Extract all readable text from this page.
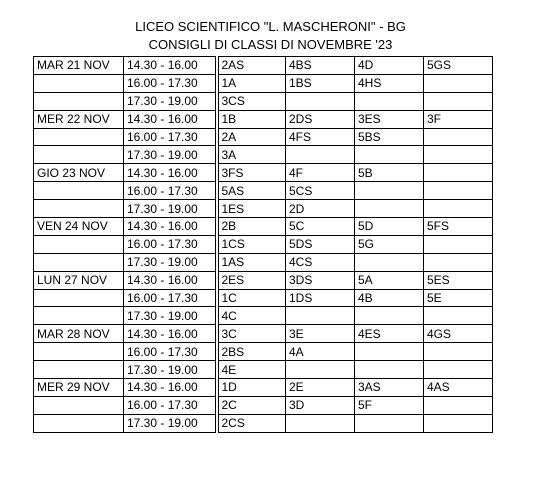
LICEO SCIENTIFICO "L. MASCHERONI" - BG
CONSIGLI DI CLASSI DI NOVEMBRE '23
MAR 21 NOV	14.30 - 16.00	2AS	4BS	4D	5GS
	16.00 - 17.30	1A	1BS	4HS	
	17.30 - 19.00	3CS			
MER 22 NOV	14.30 - 16.00	1B	2DS	3ES	3F
	16.00 - 17.30	2A	4FS	5BS	
	17.30 - 19.00	3A			
GIO 23 NOV	14.30 - 16.00	3FS	4F	5B	
	16.00 - 17.30	5AS	5CS		
	17.30 - 19.00	1ES	2D		
VEN 24 NOV	14.30 - 16.00	2B	5C	5D	5FS
	16.00 - 17.30	1CS	5DS	5G	
	17.30 - 19.00	1AS	4CS		
LUN 27 NOV	14.30 - 16.00	2ES	3DS	5A	5ES
	16.00 - 17.30	1C	1DS	4B	5E
	17.30 - 19.00	4C			
MAR 28 NOV	14.30 - 16.00	3C	3E	4ES	4GS
	16.00 - 17.30	2BS	4A		
	17.30 - 19.00	4E			
MER 29 NOV	14.30 - 16.00	1D	2E	3AS	4AS
	16.00 - 17.30	2C	3D	5F	
	17.30 - 19.00	2CS			
